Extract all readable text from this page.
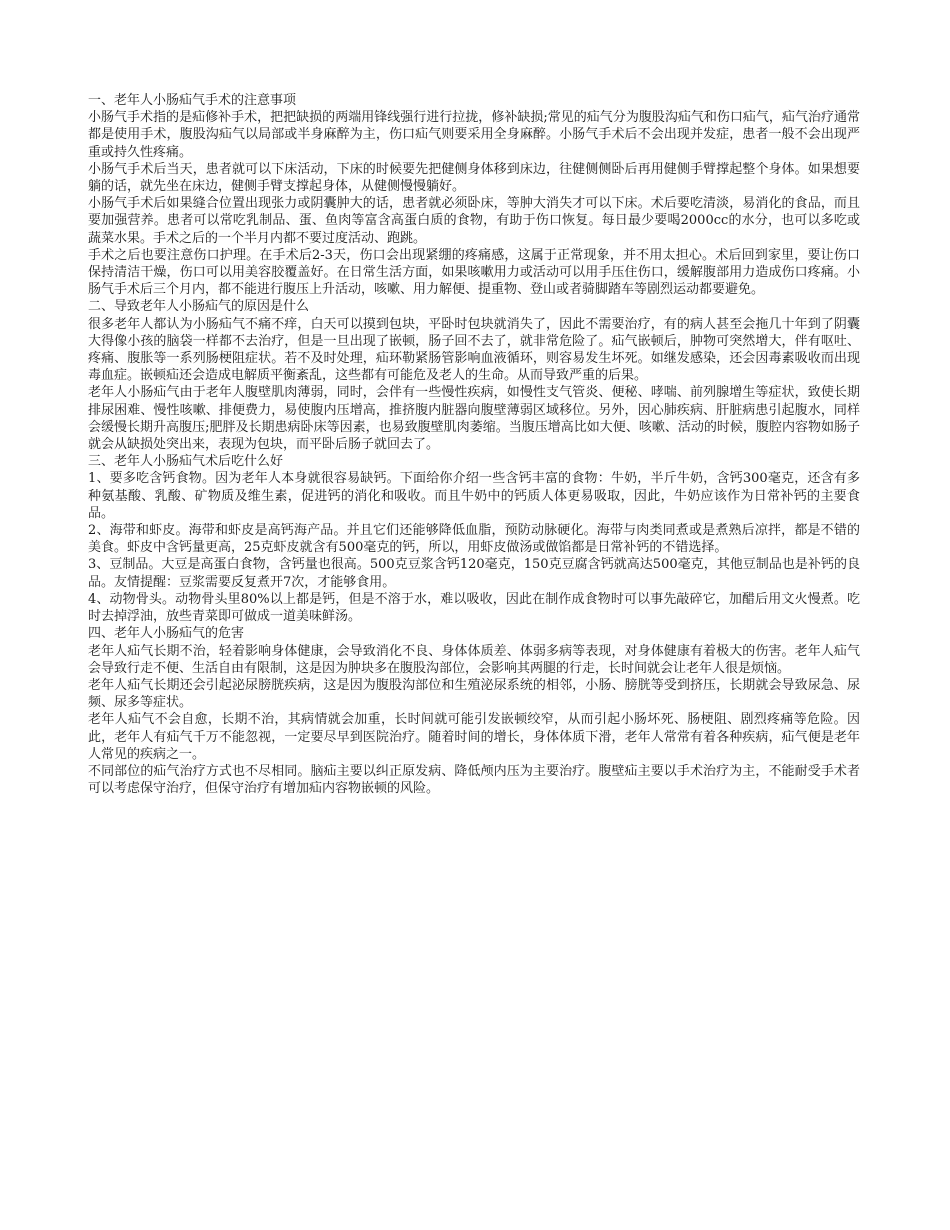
一、老年人小肠疝气手术的注意事项

小肠气手术指的是疝修补手术，把把缺损的两端用锋线强行进行拉拢，修补缺损;常见的疝气分为腹股沟疝气和伤口疝气，疝气治疗通常都是使用手术，腹股沟疝气以局部或半身麻醉为主，伤口疝气则要采用全身麻醉。小肠气手术后不会出现并发症，患者一般不会出现严重或持久性疼痛。

小肠气手术后当天，患者就可以下床活动，下床的时候要先把健侧身体移到床边，往健侧侧卧后再用健侧手臂撑起整个身体。如果想要躺的话，就先坐在床边，健侧手臂支撑起身体，从健侧慢慢躺好。

小肠气手术后如果缝合位置出现张力或阴囊肿大的话，患者就必须卧床，等肿大消失才可以下床。术后要吃清淡，易消化的食品，而且要加强营养。患者可以常吃乳制品、蛋、鱼肉等富含高蛋白质的食物，有助于伤口恢复。每日最少要喝2000cc的水分，也可以多吃或蔬菜水果。手术之后的一个半月内都不要过度活动、跑跳。

手术之后也要注意伤口护理。在手术后2-3天，伤口会出现紧绷的疼痛感，这属于正常现象，并不用太担心。术后回到家里，要让伤口保持清洁干燥，伤口可以用美容胶覆盖好。在日常生活方面，如果咳嗽用力或活动可以用手压住伤口，缓解腹部用力造成伤口疼痛。小肠气手术后三个月内，都不能进行腹压上升活动，咳嗽、用力解便、提重物、登山或者骑脚踏车等剧烈运动都要避免。

二、导致老年人小肠疝气的原因是什么

很多老年人都认为小肠疝气不痛不痒，白天可以摸到包块，平卧时包块就消失了，因此不需要治疗，有的病人甚至会拖几十年到了阴囊大得像小孩的脑袋一样都不去治疗，但是一旦出现了嵌顿，肠子回不去了，就非常危险了。疝气嵌顿后，肿物可突然增大，伴有呕吐、疼痛、腹胀等一系列肠梗阻症状。若不及时处理，疝环勒紧肠管影响血液循环，则容易发生坏死。如继发感染，还会因毒素吸收而出现毒血症。嵌顿疝还会造成电解质平衡紊乱，这些都有可能危及老人的生命。从而导致严重的后果。

老年人小肠疝气由于老年人腹壁肌肉薄弱，同时，会伴有一些慢性疾病，如慢性支气管炎、便秘、哮喘、前列腺增生等症状，致使长期排尿困难、慢性咳嗽、排便费力，易使腹内压增高，推挤腹内脏器向腹壁薄弱区域移位。另外，因心肺疾病、肝脏病患引起腹水，同样会缓慢长期升高腹压;肥胖及长期患病卧床等因素，也易致腹壁肌肉萎缩。当腹压增高比如大便、咳嗽、活动的时候，腹腔内容物如肠子就会从缺损处突出来，表现为包块，而平卧后肠子就回去了。

三、老年人小肠疝气术后吃什么好

1、要多吃含钙食物。因为老年人本身就很容易缺钙。下面给你介绍一些含钙丰富的食物：牛奶，半斤牛奶，含钙300毫克，还含有多种氨基酸、乳酸、矿物质及维生素，促进钙的消化和吸收。而且牛奶中的钙质人体更易吸取，因此，牛奶应该作为日常补钙的主要食品。

2、海带和虾皮。海带和虾皮是高钙海产品。并且它们还能够降低血脂，预防动脉硬化。海带与肉类同煮或是煮熟后凉拌，都是不错的美食。虾皮中含钙量更高，25克虾皮就含有500毫克的钙，所以，用虾皮做汤或做馅都是日常补钙的不错选择。

3、豆制品。大豆是高蛋白食物，含钙量也很高。500克豆浆含钙120毫克，150克豆腐含钙就高达500毫克，其他豆制品也是补钙的良品。友情提醒：豆浆需要反复煮开7次，才能够食用。

4、动物骨头。动物骨头里80%以上都是钙，但是不溶于水，难以吸收，因此在制作成食物时可以事先敲碎它，加醋后用文火慢煮。吃时去掉浮油，放些青菜即可做成一道美味鲜汤。

四、老年人小肠疝气的危害

老年人疝气长期不治，轻着影响身体健康，会导致消化不良、身体体质差、体弱多病等表现，对身体健康有着极大的伤害。老年人疝气会导致行走不便、生活自由有限制，这是因为肿块多在腹股沟部位，会影响其两腿的行走，长时间就会让老年人很是烦恼。

老年人疝气长期还会引起泌尿膀胱疾病，这是因为腹股沟部位和生殖泌尿系统的相邻，小肠、膀胱等受到挤压，长期就会导致尿急、尿频、尿多等症状。

老年人疝气不会自愈，长期不治，其病情就会加重，长时间就可能引发嵌顿绞窄，从而引起小肠坏死、肠梗阻、剧烈疼痛等危险。因此，老年人有疝气千万不能忽视，一定要尽早到医院治疗。随着时间的增长，身体体质下滑，老年人常常有着各种疾病，疝气便是老年人常见的疾病之一。

不同部位的疝气治疗方式也不尽相同。脑疝主要以纠正原发病、降低颅内压为主要治疗。腹壁疝主要以手术治疗为主，不能耐受手术者可以考虑保守治疗，但保守治疗有增加疝内容物嵌顿的风险。
